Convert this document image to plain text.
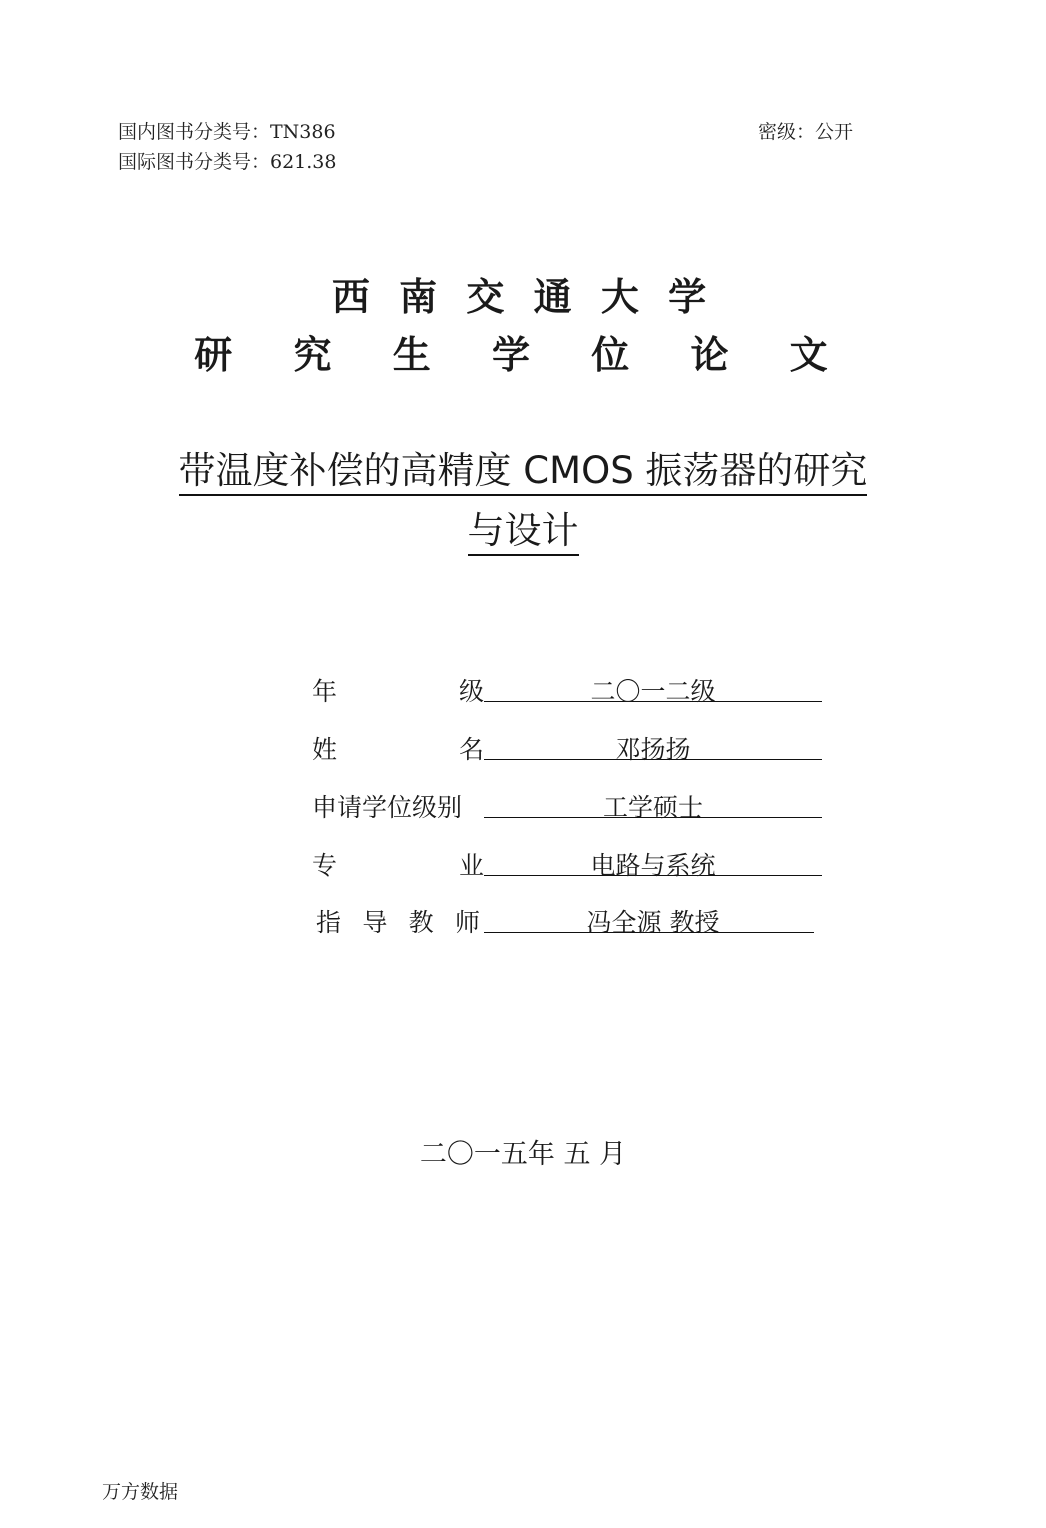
国内图书分类号：TN386
国际图书分类号：621.38
密级：公开
西 南 交 通 大 学
研 究 生 学 位 论 文
带温度补偿的高精度 CMOS 振荡器的研究
与设计
年	级	二〇一二级
姓	名	邓扬扬
申请学位级别	工学硕士
专	业	电路与系统
指 导 教 师	冯全源 教授
二〇一五年 五 月
万方数据
